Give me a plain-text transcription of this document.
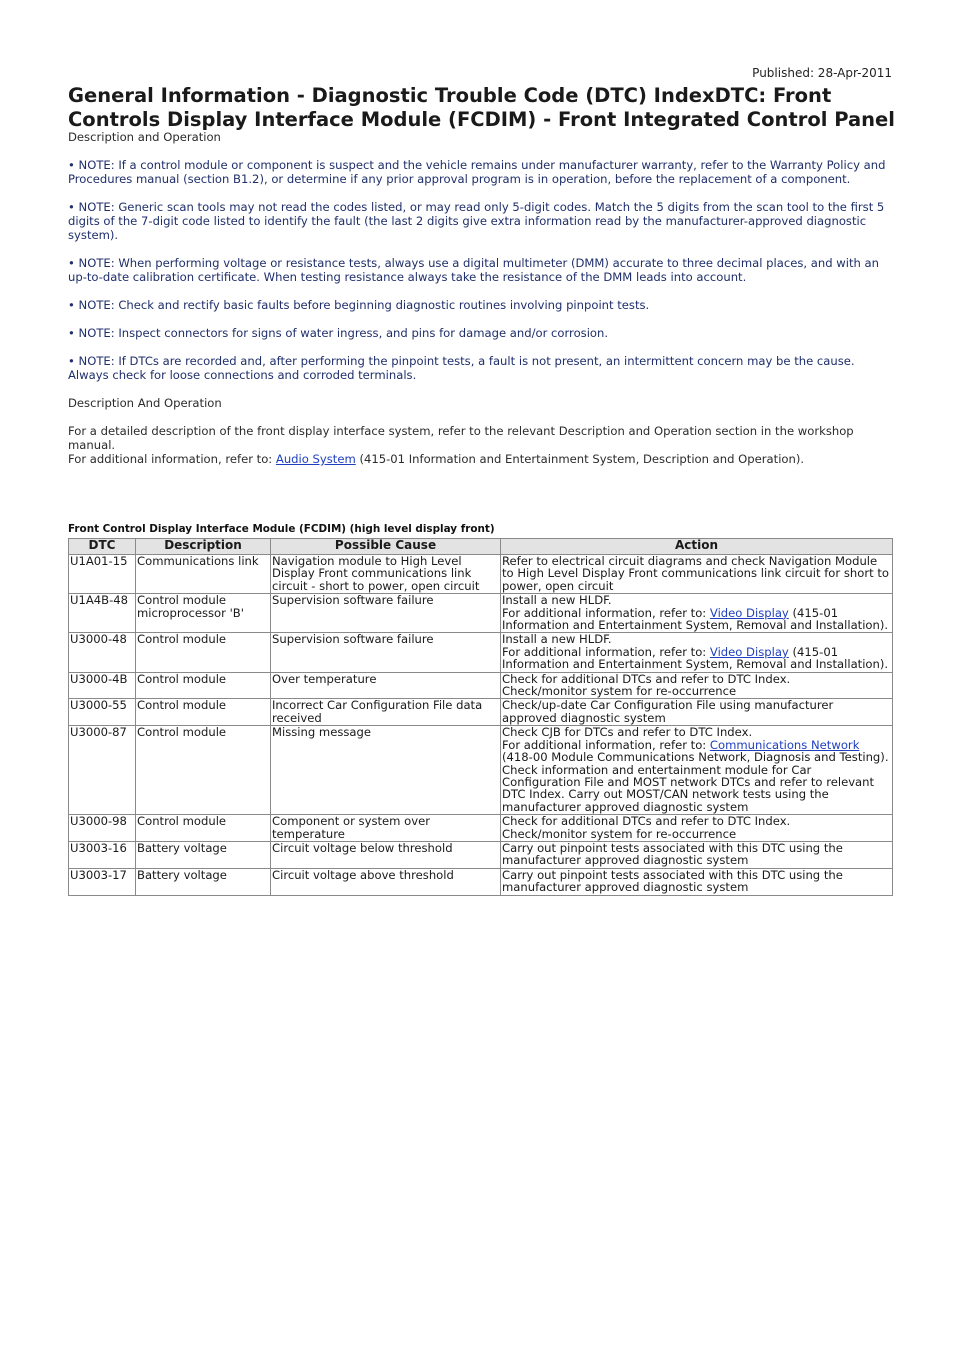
Published: 28-Apr-2011
General Information - Diagnostic Trouble Code (DTC) IndexDTC: Front
Controls Display Interface Module (FCDIM) - Front Integrated Control Panel

Description and Operation

• NOTE: If a control module or component is suspect and the vehicle remains under manufacturer warranty, refer to the Warranty Policy and Procedures manual (section B1.2), or determine if any prior approval program is in operation, before the replacement of a component.

• NOTE: Generic scan tools may not read the codes listed, or may read only 5-digit codes. Match the 5 digits from the scan tool to the first 5 digits of the 7-digit code listed to identify the fault (the last 2 digits give extra information read by the manufacturer-approved diagnostic system).

• NOTE: When performing voltage or resistance tests, always use a digital multimeter (DMM) accurate to three decimal places, and with an up-to-date calibration certificate. When testing resistance always take the resistance of the DMM leads into account.

• NOTE: Check and rectify basic faults before beginning diagnostic routines involving pinpoint tests.

• NOTE: Inspect connectors for signs of water ingress, and pins for damage and/or corrosion.

• NOTE: If DTCs are recorded and, after performing the pinpoint tests, a fault is not present, an intermittent concern may be the cause. Always check for loose connections and corroded terminals.

Description And Operation

For a detailed description of the front display interface system, refer to the relevant Description and Operation section in the workshop manual.
For additional information, refer to: Audio System (415-01 Information and Entertainment System, Description and Operation).

Front Control Display Interface Module (FCDIM) (high level display front)
DTC	Description	Possible Cause	Action
U1A01-15	Communications link	Navigation module to High Level Display Front communications link circuit - short to power, open circuit	Refer to electrical circuit diagrams and check Navigation Module to High Level Display Front communications link circuit for short to power, open circuit
U1A4B-48	Control module microprocessor 'B'	Supervision software failure	Install a new HLDF.
For additional information, refer to: Video Display (415-01 Information and Entertainment System, Removal and Installation).
U3000-48	Control module	Supervision software failure	Install a new HLDF.
For additional information, refer to: Video Display (415-01 Information and Entertainment System, Removal and Installation).
U3000-4B	Control module	Over temperature	Check for additional DTCs and refer to DTC Index.
Check/monitor system for re-occurrence
U3000-55	Control module	Incorrect Car Configuration File data received	Check/up-date Car Configuration File using manufacturer approved diagnostic system
U3000-87	Control module	Missing message	Check CJB for DTCs and refer to DTC Index.
For additional information, refer to: Communications Network (418-00 Module Communications Network, Diagnosis and Testing).
Check information and entertainment module for Car Configuration File and MOST network DTCs and refer to relevant DTC Index. Carry out MOST/CAN network tests using the manufacturer approved diagnostic system
U3000-98	Control module	Component or system over temperature	Check for additional DTCs and refer to DTC Index.
Check/monitor system for re-occurrence
U3003-16	Battery voltage	Circuit voltage below threshold	Carry out pinpoint tests associated with this DTC using the manufacturer approved diagnostic system
U3003-17	Battery voltage	Circuit voltage above threshold	Carry out pinpoint tests associated with this DTC using the manufacturer approved diagnostic system
